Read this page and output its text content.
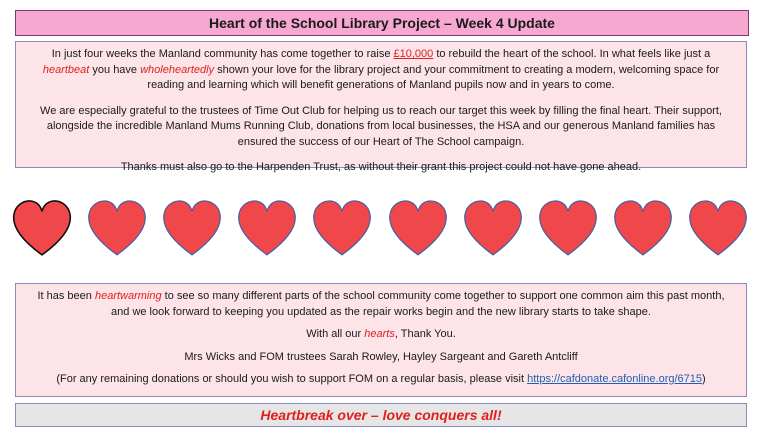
Heart of the School Library Project – Week 4 Update

In just four weeks the Manland community has come together to raise £10,000 to rebuild the heart of the school. In what feels like just a heartbeat you have wholeheartedly shown your love for the library project and your commitment to creating a modern, welcoming space for reading and learning which will benefit generations of Manland pupils now and in years to come.

We are especially grateful to the trustees of Time Out Club for helping us to reach our target this week by filling the final heart. Their support, alongside the incredible Manland Mums Running Club, donations from local businesses, the HSA and our generous Manland families has ensured the success of our Heart of The School campaign.

Thanks must also go to the Harpenden Trust, as without their grant this project could not have gone ahead.

It has been heartwarming to see so many different parts of the school community come together to support one common aim this past month, and we look forward to keeping you updated as the repair works begin and the new library starts to take shape.

With all our hearts, Thank You.

Mrs Wicks and FOM trustees Sarah Rowley, Hayley Sargeant and Gareth Antcliff

(For any remaining donations or should you wish to support FOM on a regular basis, please visit https://cafdonate.cafonline.org/6715)

Heartbreak over – love conquers all!
